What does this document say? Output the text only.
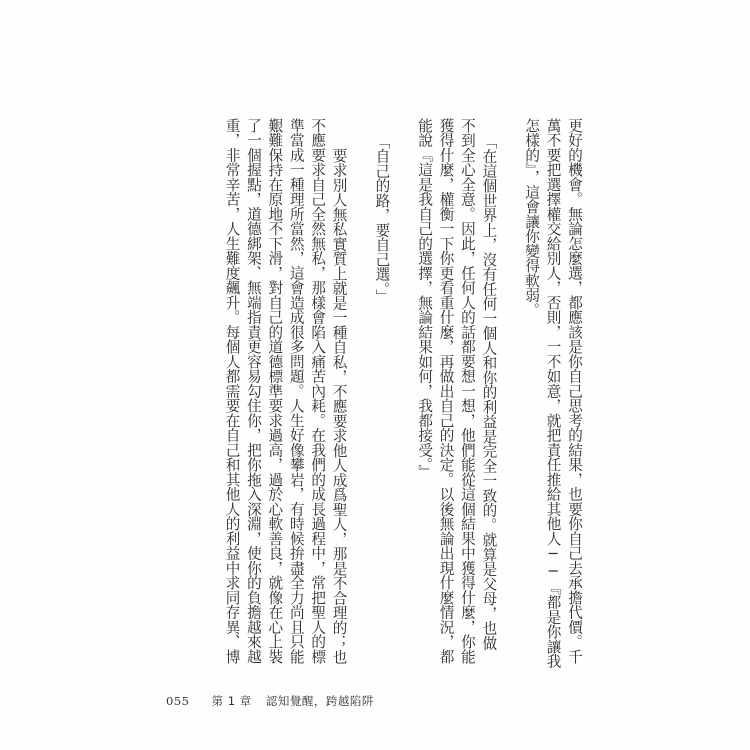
更好的機會。無論怎麼選，都應該是你自己思考的結果，也要你自己去承擔代價。千
萬不要把選擇權交給別人，否則，一不如意，就把責任推給其他人──『都是你讓我
怎樣的』，這會讓你變得軟弱。
「在這個世界上，沒有任何一個人和你的利益是完全一致的。就算是父母，也做
不到全心全意。因此，任何人的話都要想一想，他們能從這個結果中獲得什麼，你能
獲得什麼，權衡一下你更看重什麼，再做出自己的決定。以後無論出現什麼情況，都
能說『這是我自己的選擇，無論結果如何，我都接受。』
「自己的路，要自己選。」
要求別人無私實質上就是一種自私，不應要求他人成爲聖人，那是不合理的；也
不應要求自己全然無私，那樣會陷入痛苦內耗。在我們的成長過程中，常把聖人的標
準當成一種理所當然，這會造成很多問題。人生好像攀岩，有時候拚盡全力尚且只能
艱難保持在原地不下滑，對自己的道德標準要求過高，過於心軟善良，就像在心上裝
了一個握點，道德綁架、無端指責更容易勾住你，把你拖入深淵，使你的負擔越來越
重，非常辛苦，人生難度飆升。每個人都需要在自己和其他人的利益中求同存異、博
055 第 1 章 認知覺醒，跨越陷阱
